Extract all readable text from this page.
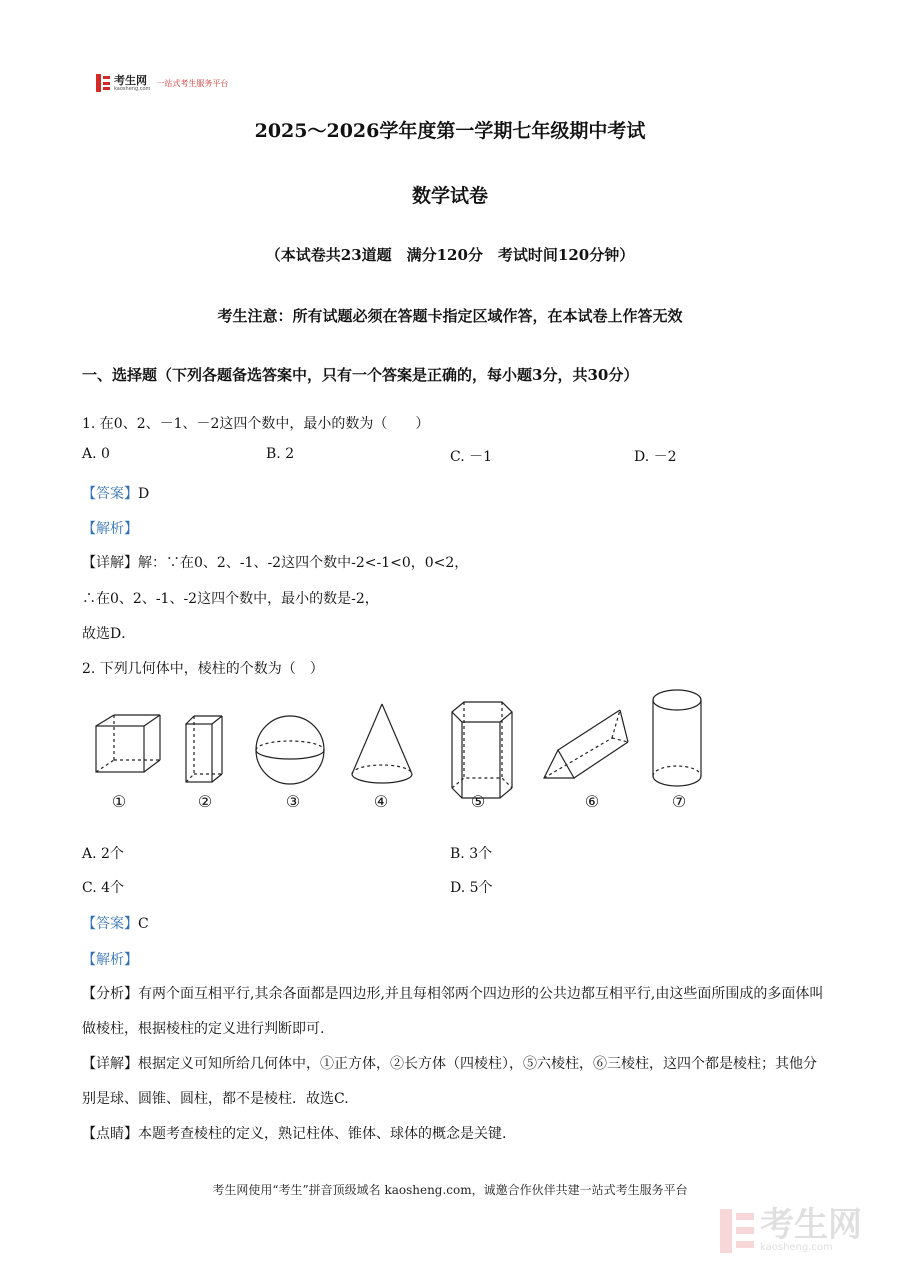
考生网
kaosheng.com
一站式考生服务平台
2025～2026学年度第一学期七年级期中考试
数学试卷
（本试卷共23道题　满分120分　考试时间120分钟）
考生注意：所有试题必须在答题卡指定区域作答，在本试卷上作答无效
一、选择题（下列各题备选答案中，只有一个答案是正确的，每小题3分，共30分）
1. 在0、2、－1、－2这四个数中，最小的数为（　　）
A. 0	B. 2	C. －1	D. －2
【答案】D
【解析】
【详解】解：∵在0、2、-1、-2这四个数中-2<-1<0，0<2，
∴在0、2、-1、-2这四个数中，最小的数是-2，
故选D．
2. 下列几何体中，棱柱的个数为（　）
①	②	③	④	⑤	⑥	⑦
A. 2个	B. 3个
C. 4个	D. 5个
【答案】C
【解析】
【分析】有两个面互相平行,其余各面都是四边形,并且每相邻两个四边形的公共边都互相平行,由这些面所围成的多面体叫做棱柱，根据棱柱的定义进行判断即可.
【详解】根据定义可知所给几何体中，①正方体，②长方体（四棱柱），⑤六棱柱，⑥三棱柱，这四个都是棱柱；其他分别是球、圆锥、圆柱，都不是棱柱．故选C.
【点睛】本题考查棱柱的定义，熟记柱体、锥体、球体的概念是关键.
考生网使用“考生”拼音顶级域名 kaosheng.com，诚邀合作伙伴共建一站式考生服务平台
考生网
kaosheng.com
